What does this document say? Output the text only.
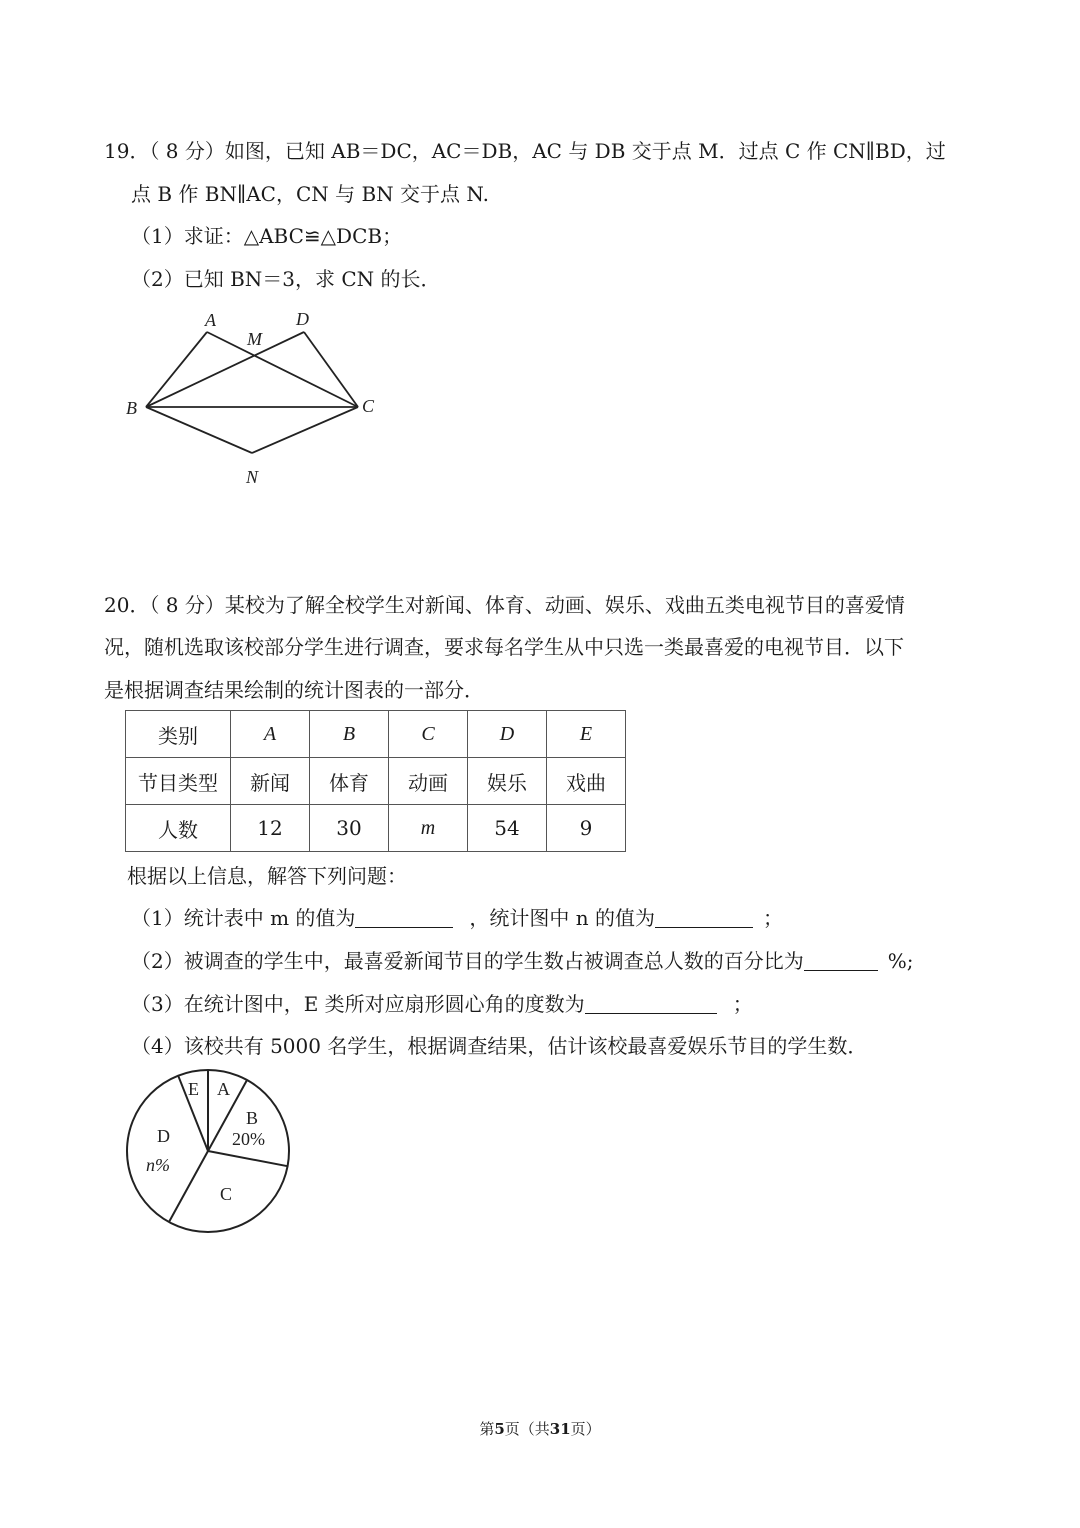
19．（ 8 分）如图，已知 AB＝DC，AC＝DB，AC 与 DB 交于点 M．过点 C 作 CN∥BD，过
点 B 作 BN∥AC，CN 与 BN 交于点 N.
（1）求证：△ABC≌△DCB；
（2）已知 BN＝3，求 CN 的长．
A	D
M
B	C
N
20．（ 8 分）某校为了解全校学生对新闻、体育、动画、娱乐、戏曲五类电视节目的喜爱情
况，随机选取该校部分学生进行调查，要求每名学生从中只选一类最喜爱的电视节目．以下
是根据调查结果绘制的统计图表的一部分．
类别	A	B	C	D	E
节目类型	新闻	体育	动画	娱乐	戏曲
人数	12	30	m	54	9
根据以上信息，解答下列问题：
（1）统计表中 m 的值为	，统计图中 n 的值为	；
（2）被调查的学生中，最喜爱新闻节目的学生数占被调查总人数的百分比为	%;
（3）在统计图中，E 类所对应扇形圆心角的度数为	；
（4）该校共有 5000 名学生，根据调查结果，估计该校最喜爱娱乐节目的学生数．
E A
B
20%
D
n%
C
第5页（共31页）
